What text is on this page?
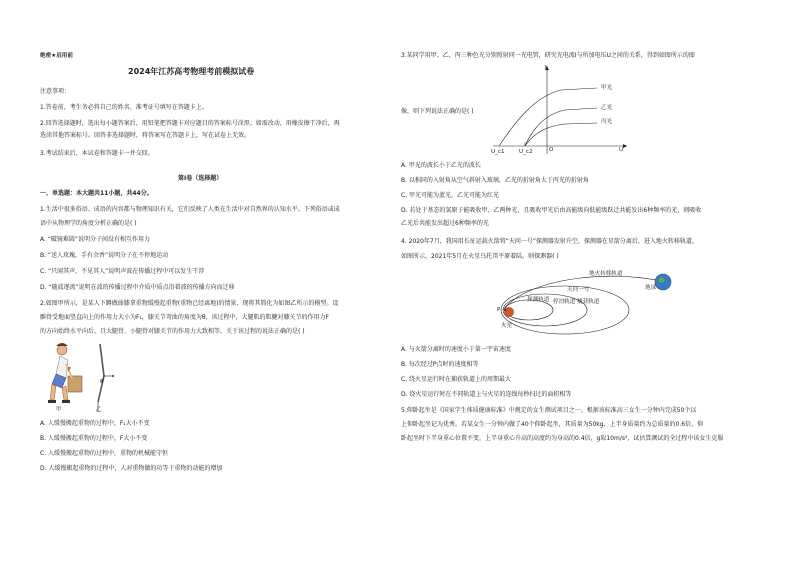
绝密★启用前
2024年江苏高考物理考前模拟试卷
注意事项：
1.答卷前，考生务必将自己的姓名、准考证号填写在答题卡上。
2.回答选择题时，选出每小题答案后，用铅笔把答题卡对应题目的答案标号涂黑；如需改动，用橡皮擦干净后，再
选涂其他答案标号。回答非选择题时，将答案写在答题卡上，写在试卷上无效。
3.考试结束后，本试卷和答题卡一并交回。
第Ⅰ卷（选择题）
一、单选题：本大题共11小题，共44分。
1.生活中很多俗语、成语的内容都与物理知识有关，它们反映了人类在生活中对自然界的认知水平。下列俗语或成
语中从物理学的角度分析正确的是( )
A. “破镜难圆”说明分子间没有相互作用力
B. “送人玫瑰，手有余香”说明分子在不停地运动
C. “只闻其声，不见其人”说明声波在传播过程中可以发生干涉
D. “随波逐流”说明在波的传播过程中介质中质点沿着波的传播方向而迁移
2.如图甲所示，是某人下蹲做曲膝拿重物缓慢起重物(重物已经离地)的情景，现将其简化为如图乙所示的模型。设
髌骨受地面竖直向上的作用力大小为F₁，膝关节弯曲的角度为θ，该过程中，大腿肌的肌腱对膝关节的作用力F
的方向始终水平向后，且大腿骨、小腿骨对膝关节的作用力大致相等。关于该过程的说法正确的是( )
F
θ
甲	乙
A. 人缓慢搬起重物的过程中，F₁大小不变
B. 人缓慢搬起重物的过程中，F大小不变
C. 人缓慢搬起重物的过程中，重物的机械能守恒
D. 人缓慢搬起重物的过程中，人对重物做的功等于重物的动能的增加
3.某同学用甲、乙、丙三种色光分别照射同一光电管，研究光电流I与所加电压U之间的关系，得到如图所示的图
像，则下列说法正确的是( )
I
U
O
U_c1	U_c2
甲光
乙光
丙光
A. 甲光的波长小于乙光的波长
B. 以相同的入射角从空气斜射入玻璃，乙光的折射角大于丙光的折射角
C. 甲光可能为蓝光，乙光可能为红光
D. 若处于基态的氢原子能吸收甲、乙两种光，且吸收甲光后由高能级向低能级跃迁共能发出6种频率的光，则吸收
乙光后共能发出超过6种频率的光
4. 2020年7月，我国用长征运载火箭将“天问一号”探测器发射升空，探测器在星箭分离后，进入地火转移轨道，
如图所示，2021年5月在火星乌托邦平原着陆。则探测器( )
地火转移轨道
地球
天问一号
探测轨道 停泊轨道 捕获轨道
P
火星
A. 与火箭分离时的速度小于第一宇宙速度
B. 每次经过P点时的速度相等
C. 绕火星运行时在捕获轨道上的周期最大
D. 绕火星运行时在不同轨道上与火星的连线每秒扫过的面积相等
5.仰卧起坐是《国家学生体质健康标准》中规定的女生测试项目之一。根据该标准高三女生一分钟内完成50个以
上仰卧起坐记为优秀。若某女生一分钟内做了40个仰卧起坐，其质量为50kg，上半身质量约为总质量的0.6倍，仰
卧起坐时下半身重心位置不变，上半身重心升高的高度约为身高的0.4倍，g取10m/s²，试估算测试的全过程中该女生克服
